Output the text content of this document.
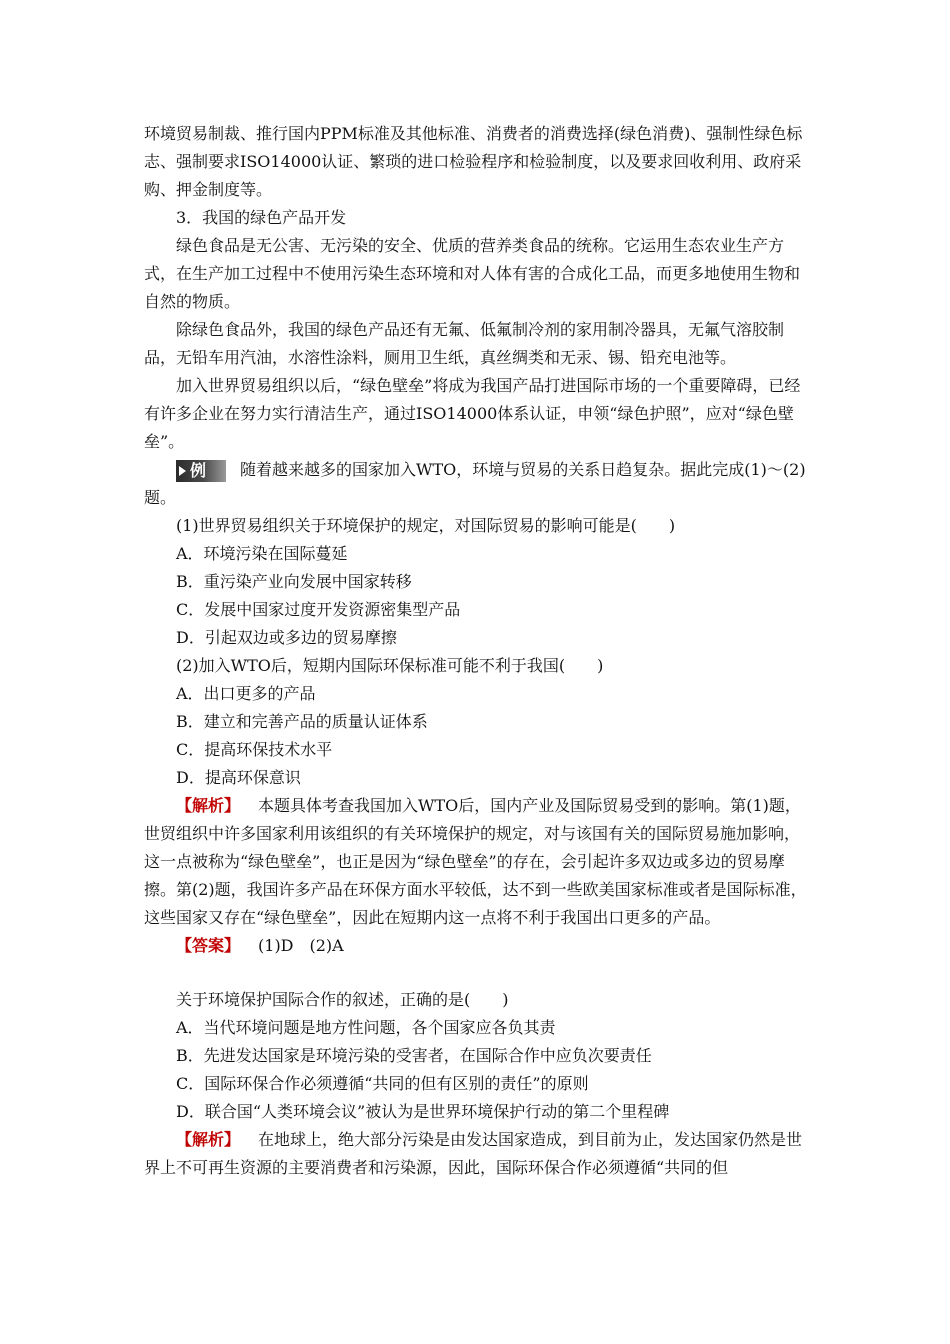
环境贸易制裁、推行国内PPM标准及其他标准、消费者的消费选择(绿色消费)、强制性绿色标志、强制要求ISO14000认证、繁琐的进口检验程序和检验制度，以及要求回收利用、政府采购、押金制度等。

3．我国的绿色产品开发

绿色食品是无公害、无污染的安全、优质的营养类食品的统称。它运用生态农业生产方式，在生产加工过程中不使用污染生态环境和对人体有害的合成化工品，而更多地使用生物和自然的物质。

除绿色食品外，我国的绿色产品还有无氟、低氟制冷剂的家用制冷器具，无氟气溶胶制品，无铅车用汽油，水溶性涂料，厕用卫生纸，真丝绸类和无汞、锡、铅充电池等。

加入世界贸易组织以后，“绿色壁垒”将成为我国产品打进国际市场的一个重要障碍，已经有许多企业在努力实行清洁生产，通过ISO14000体系认证，申领“绿色护照”，应对“绿色壁垒”。

例 随着越来越多的国家加入WTO，环境与贸易的关系日趋复杂。据此完成(1)～(2)题。

(1)世界贸易组织关于环境保护的规定，对国际贸易的影响可能是(　　)

A．环境污染在国际蔓延

B．重污染产业向发展中国家转移

C．发展中国家过度开发资源密集型产品

D．引起双边或多边的贸易摩擦

(2)加入WTO后，短期内国际环保标准可能不利于我国(　　)

A．出口更多的产品

B．建立和完善产品的质量认证体系

C．提高环保技术水平

D．提高环保意识

【解析】 本题具体考查我国加入WTO后，国内产业及国际贸易受到的影响。第(1)题，世贸组织中许多国家利用该组织的有关环境保护的规定，对与该国有关的国际贸易施加影响，这一点被称为“绿色壁垒”，也正是因为“绿色壁垒”的存在，会引起许多双边或多边的贸易摩擦。第(2)题，我国许多产品在环保方面水平较低，达不到一些欧美国家标准或者是国际标准，这些国家又存在“绿色壁垒”，因此在短期内这一点将不利于我国出口更多的产品。

【答案】 (1)D　(2)A

关于环境保护国际合作的叙述，正确的是(　　)

A．当代环境问题是地方性问题，各个国家应各负其责

B．先进发达国家是环境污染的受害者，在国际合作中应负次要责任

C．国际环保合作必须遵循“共同的但有区别的责任”的原则

D．联合国“人类环境会议”被认为是世界环境保护行动的第二个里程碑

【解析】 在地球上，绝大部分污染是由发达国家造成，到目前为止，发达国家仍然是世界上不可再生资源的主要消费者和污染源，因此，国际环保合作必须遵循“共同的但
